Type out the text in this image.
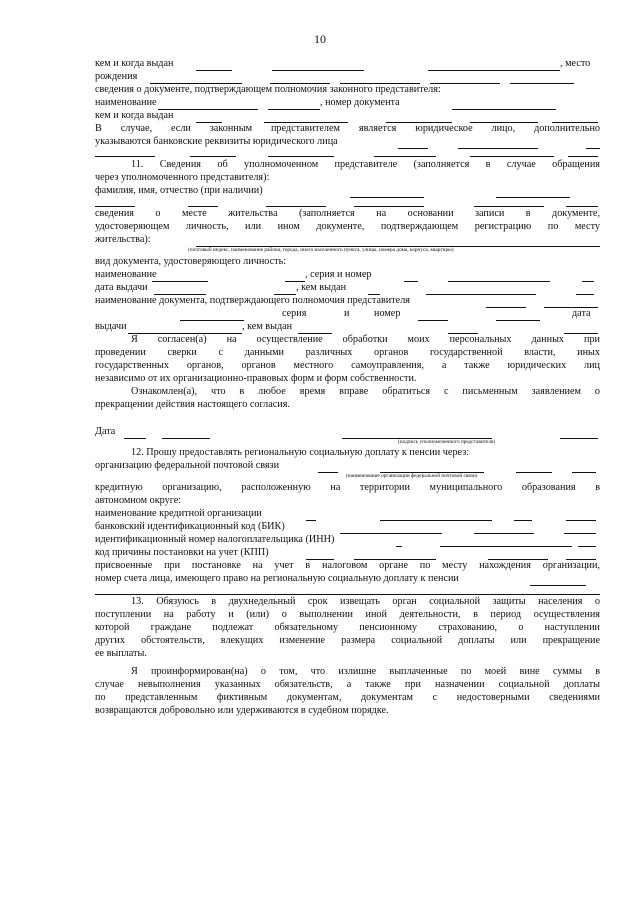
10
кем и когда выдан	, место
рождения
сведения о документе, подтверждающем полномочия законного представителя:
наименование	, номер документа
кем и когда выдан
В случае, если законным представителем является юридическое лицо, дополнительно
указываются банковские реквизиты юридического лица
11. Сведения об уполномоченном представителе (заполняется в случае обращения
через уполномоченного представителя):
фамилия, имя, отчество (при наличии)
сведения о месте жительства (заполняется на основании записи в документе,
удостоверяющем личность, или ином документе, подтверждающем регистрацию по месту
жительства):
(почтовый индекс, наименование района, города, иного населенного пункта, улицы, номера дома, корпуса, квартиры)
вид документа, удостоверяющего личность:
наименование	, серия и номер
дата выдачи	, кем выдан
наименование документа, подтверждающего полномочия представителя
серия	и	номер	дата
выдачи	, кем выдан
Я согласен(а) на осуществление обработки моих персональных данных при
проведении сверки с данными различных органов государственной власти, иных
государственных органов, органов местного самоуправления, а также юридических лиц
независимо от их организационно-правовых форм и форм собственности.
Ознакомлен(а), что в любое время вправе обратиться с письменным заявлением о
прекращении действия настоящего согласия.
Дата
(подпись уполномоченного представителя)
12. Прошу предоставлять региональную социальную доплату к пенсии через:
организацию федеральной почтовой связи
(наименование организации федеральной почтовой связи)
кредитную организацию, расположенную на территории муниципального образования в
автономном округе:
наименование кредитной организации
банковский идентификационный код (БИК)
идентификационный номер налогоплательщика (ИНН)
код причины постановки на учет (КПП)
присвоенные при постановке на учет в налоговом органе по месту нахождения организации,
номер счета лица, имеющего право на региональную социальную доплату к пенсии
13. Обязуюсь в двухнедельный срок извещать орган социальной защиты населения о
поступлении на работу и (или) о выполнении иной деятельности, в период осуществления
которой граждане подлежат обязательному пенсионному страхованию, о наступлении
других обстоятельств, влекущих изменение размера социальной доплаты или прекращение
ее выплаты.
Я проинформирован(на) о том, что излишне выплаченные по моей вине суммы в
случае невыполнения указанных обязательств, а также при назначении социальной доплаты
по представленным фиктивным документам, документам с недостоверными сведениями
возвращаются добровольно или удерживаются в судебном порядке.
